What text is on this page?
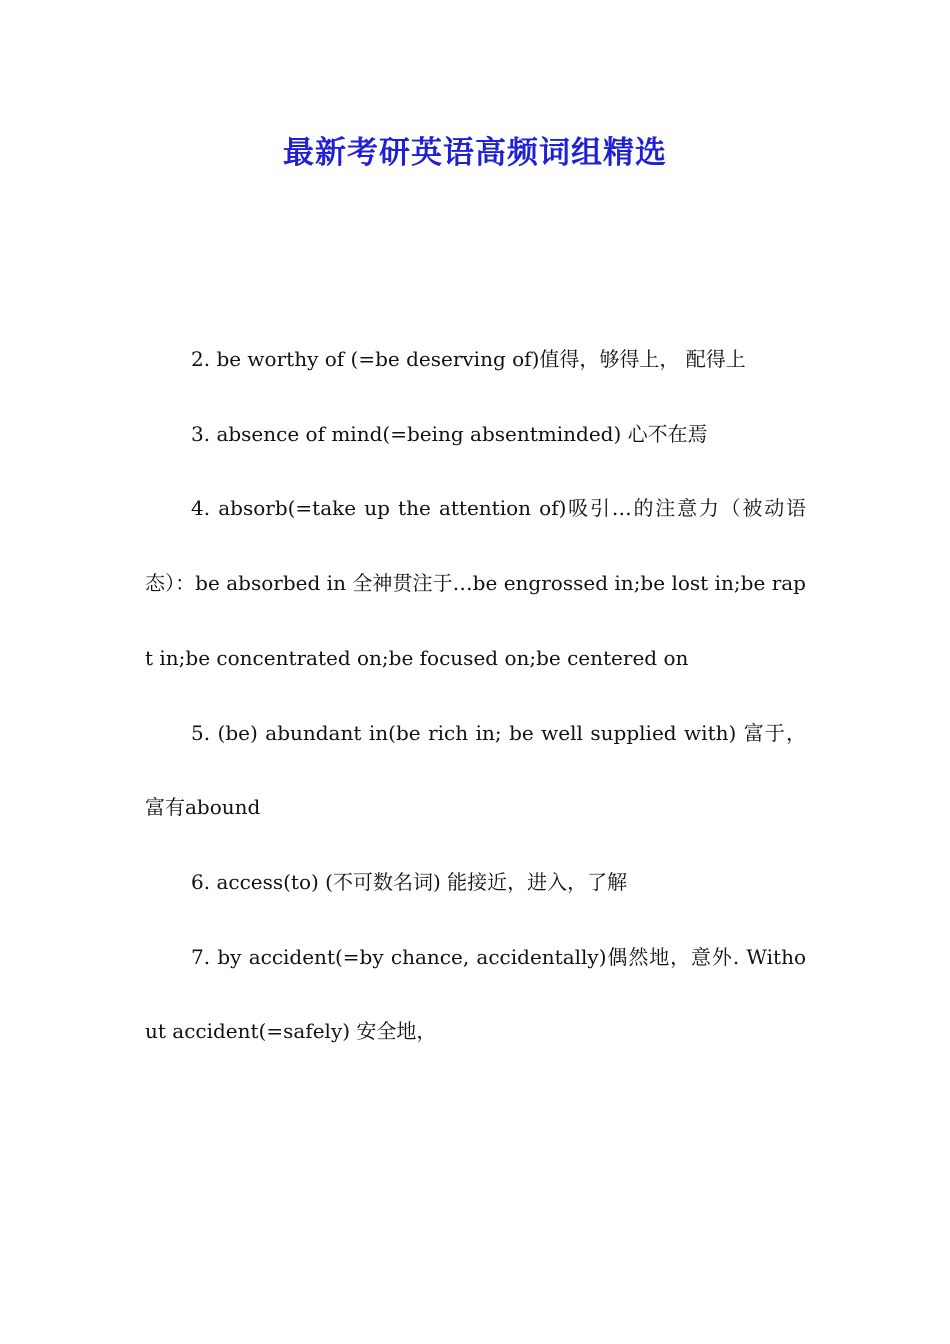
最新考研英语高频词组精选

2. be worthy of (=be deserving of)值得，够得上， 配得上

3. absence of mind(=being absentminded) 心不在焉

4. absorb(=take up the attention of)吸引…的注意力（被动语态）：be absorbed in 全神贯注于…be engrossed in;be lost in;be rapt in;be concentrated on;be focused on;be centered on

5. (be) abundant in(be rich in; be well supplied with) 富于，富有abound

6. access(to) (不可数名词) 能接近，进入，了解

7. by accident(=by chance, accidentally)偶然地，意外. Without accident(=safely) 安全地，
